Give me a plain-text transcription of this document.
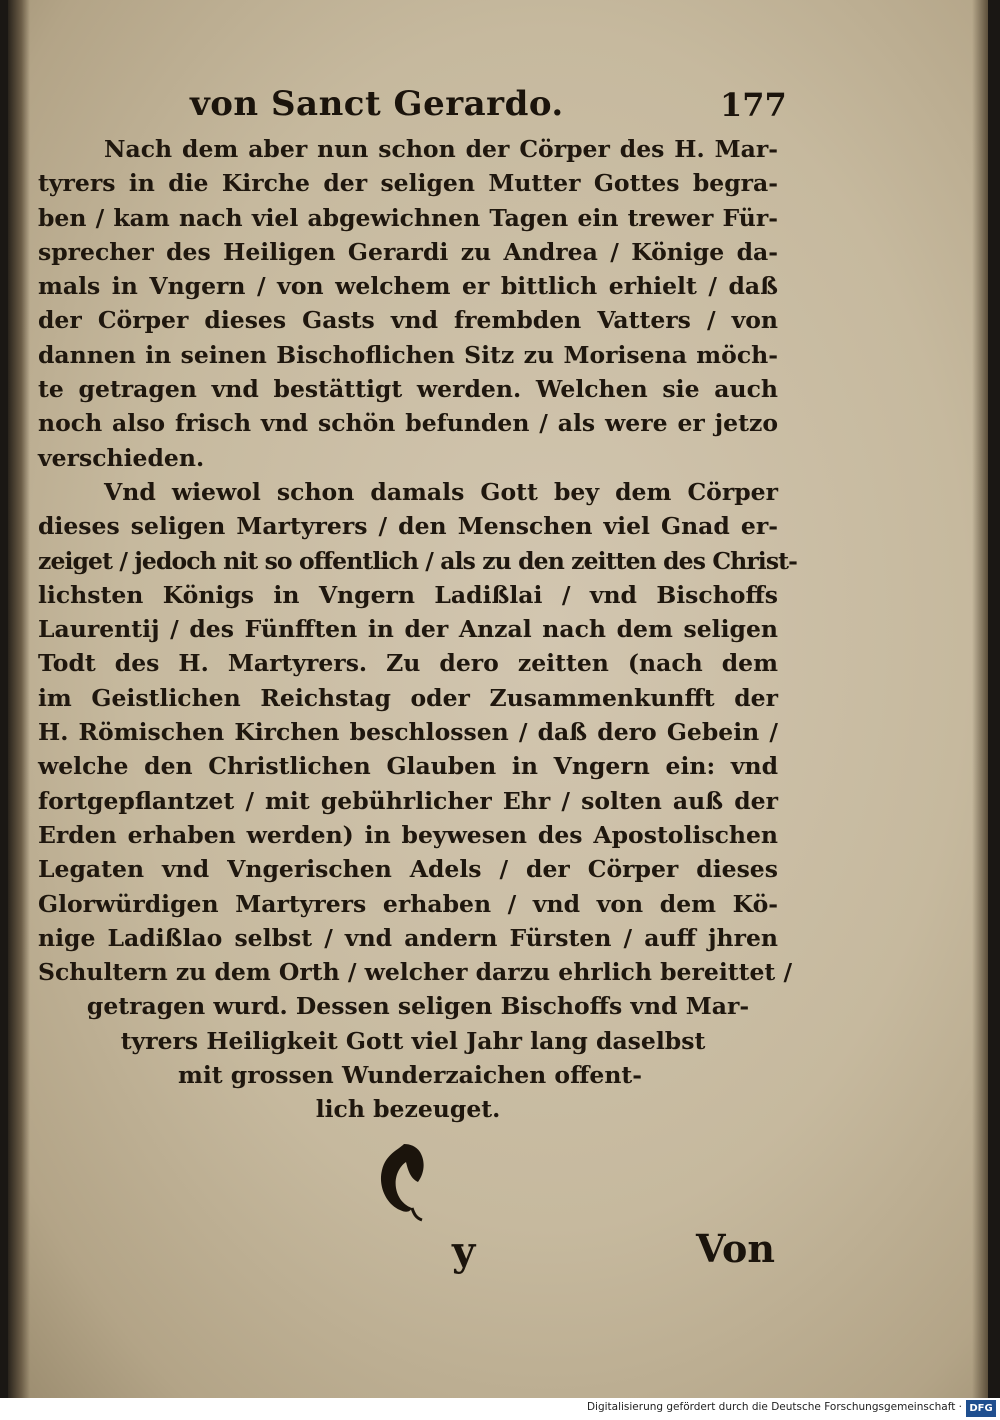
von Sanct Gerardo.	177
Nach dem aber nun schon der Cörper des H. Mar-
tyrers in die Kirche der seligen Mutter Gottes begra-
ben / kam nach viel abgewichnen Tagen ein trewer Für-
sprecher des Heiligen Gerardi zu Andrea / Könige da-
mals in Vngern / von welchem er bittlich erhielt / daß
der Cörper dieses Gasts vnd frembden Vatters / von
dannen in seinen Bischoflichen Sitz zu Morisena möch-
te getragen vnd bestättigt werden. Welchen sie auch
noch also frisch vnd schön befunden / als were er jetzo
verschieden.
Vnd wiewol schon damals Gott bey dem Cörper
dieses seligen Martyrers / den Menschen viel Gnad er-
zeiget / jedoch nit so offentlich / als zu den zeitten des Christ-
lichsten Königs in Vngern Ladißlai / vnd Bischoffs
Laurentij / des Fünfften in der Anzal nach dem seligen
Todt des H. Martyrers. Zu dero zeitten (nach dem
im Geistlichen Reichstag oder Zusammenkunfft der
H. Römischen Kirchen beschlossen / daß dero Gebein /
welche den Christlichen Glauben in Vngern ein: vnd
fortgepflantzet / mit gebührlicher Ehr / solten auß der
Erden erhaben werden) in beywesen des Apostolischen
Legaten vnd Vngerischen Adels / der Cörper dieses
Glorwürdigen Martyrers erhaben / vnd von dem Kö-
nige Ladißlao selbst / vnd andern Fürsten / auff jhren
Schultern zu dem Orth / welcher darzu ehrlich bereittet /
getragen wurd. Dessen seligen Bischoffs vnd Mar-
tyrers Heiligkeit Gott viel Jahr lang daselbst
mit grossen Wunderzaichen offent-
lich bezeuget.
y	Von
Digitalisierung gefördert durch die Deutsche Forschungsgemeinschaft · DFG
